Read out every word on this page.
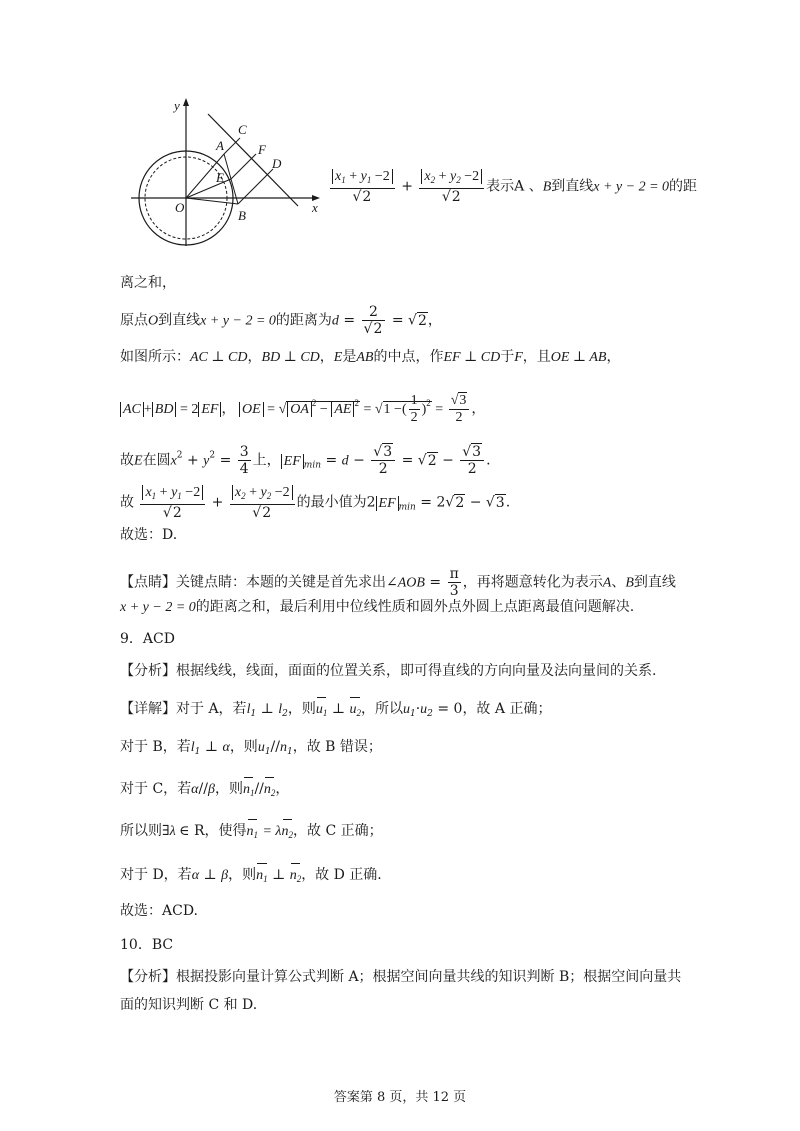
y
x
O
A
C
F
D
E
B
$\frac{x_1 + y_1 -2}{√2} + \frac{x_2 + y_2 -2}{√2}$ 表示A 、B到直线x + y − 2 = 0的距
离之和，
原点O到直线x + y − 2 = 0的距离为$d = \frac{2}{√2} = √2$，
如图所示：AC ⊥ CD，BD ⊥ CD，E是AB的中点，作EF ⊥ CD于F，且OE ⊥ AB，
AC + BD = 2 EF ， OE = √ OA $^2$ − AE $^2$ = √1 −( $\frac{1}{2} )^2 = \frac{√3}{2}$ ，
故E在圆$x^2 + y^2 = \frac{3}{4}$ 上， EF $_{min} = d - \frac{√3}{2} = √2 - \frac{√3}{2}$ .
故 $\frac{x_1 + y_1 -2}{√2} + \frac{x_2 + y_2 -2}{√2}$ 的最小值为2 EF $_{min}$ = 2√2 − √3.
故选：D.
【点睛】关键点睛：本题的关键是首先求出∠AOB = $\frac{\pi}{3}$ ，再将题意转化为表示A、B到直线
x + y − 2 = 0的距离之和，最后利用中位线性质和圆外点外圆上点距离最值问题解决.
9．ACD
【分析】根据线线，线面，面面的位置关系，即可得直线的方向向量及法向量间的关系.
【详解】对于 A，若$l_1$ ⊥ $l_2$，则$u_1$ ⊥ $u_2$，所以$u_1\cdot u_2 = 0$，故 A 正确；
对于 B，若$l_1$ ⊥ α，则$u_1//n_1$，故 B 错误；
对于 C，若α//β，则$n_1//n_2$，
所以则∃λ ∈ R，使得$n_1 = \lambda n_2$，故 C 正确；
对于 D，若α ⊥ β，则$n_1$ ⊥ $n_2$，故 D 正确.
故选：ACD.
10．BC
【分析】根据投影向量计算公式判断 A；根据空间向量共线的知识判断 B；根据空间向量共
面的知识判断 C 和 D.
答案第 8 页，共 12 页
